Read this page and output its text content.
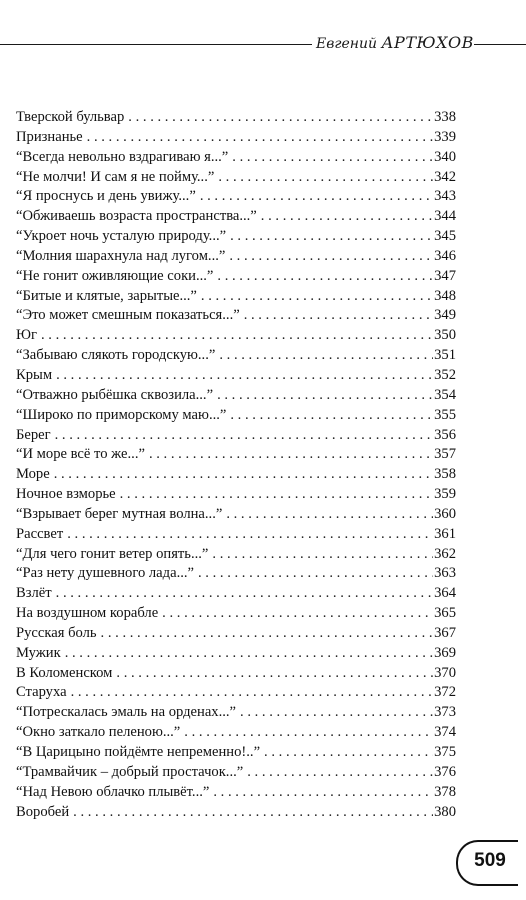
Евгений АРТЮХОВ
Тверской бульвар . . .	338
Признанье . . .	339
“Всегда невольно вздрагиваю я...” . . .	340
“Не молчи! И сам я не пойму...” . . .	342
“Я проснусь и день увижу...” . . .	343
“Обживаешь возраста пространства...” . . .	344
“Укроет ночь усталую природу...” . . .	345
“Молния шарахнула над лугом...” . . .	346
“Не гонит оживляющие соки...” . . .	347
“Битые и клятые, зарытые...” . . .	348
“Это может смешным показаться...” . . .	349
Юг . . .	350
“Забываю слякоть городскую...” . . .	351
Крым . . .	352
“Отважно рыбёшка сквозила...” . . .	354
“Широко по приморскому маю...” . . .	355
Берег . . .	356
“И море всё то же...” . . .	357
Море . . .	358
Ночное взморье . . .	359
“Взрывает берег мутная волна...” . . .	360
Рассвет . . .	361
“Для чего гонит ветер опять...” . . .	362
“Раз нету душевного лада...” . . .	363
Взлёт . . .	364
На воздушном корабле . . .	365
Русская боль . . .	367
Мужик . . .	369
В Коломенском . . .	370
Старуха . . .	372
“Потрескалась эмаль на орденах...” . . .	373
“Окно заткало пеленою...” . . .	374
“В Царицыно пойдёмте непременно!..” . . .	375
“Трамвайчик – добрый простачок...” . . .	376
“Над Невою облачко плывёт...” . . .	378
Воробей . . .	380
509
